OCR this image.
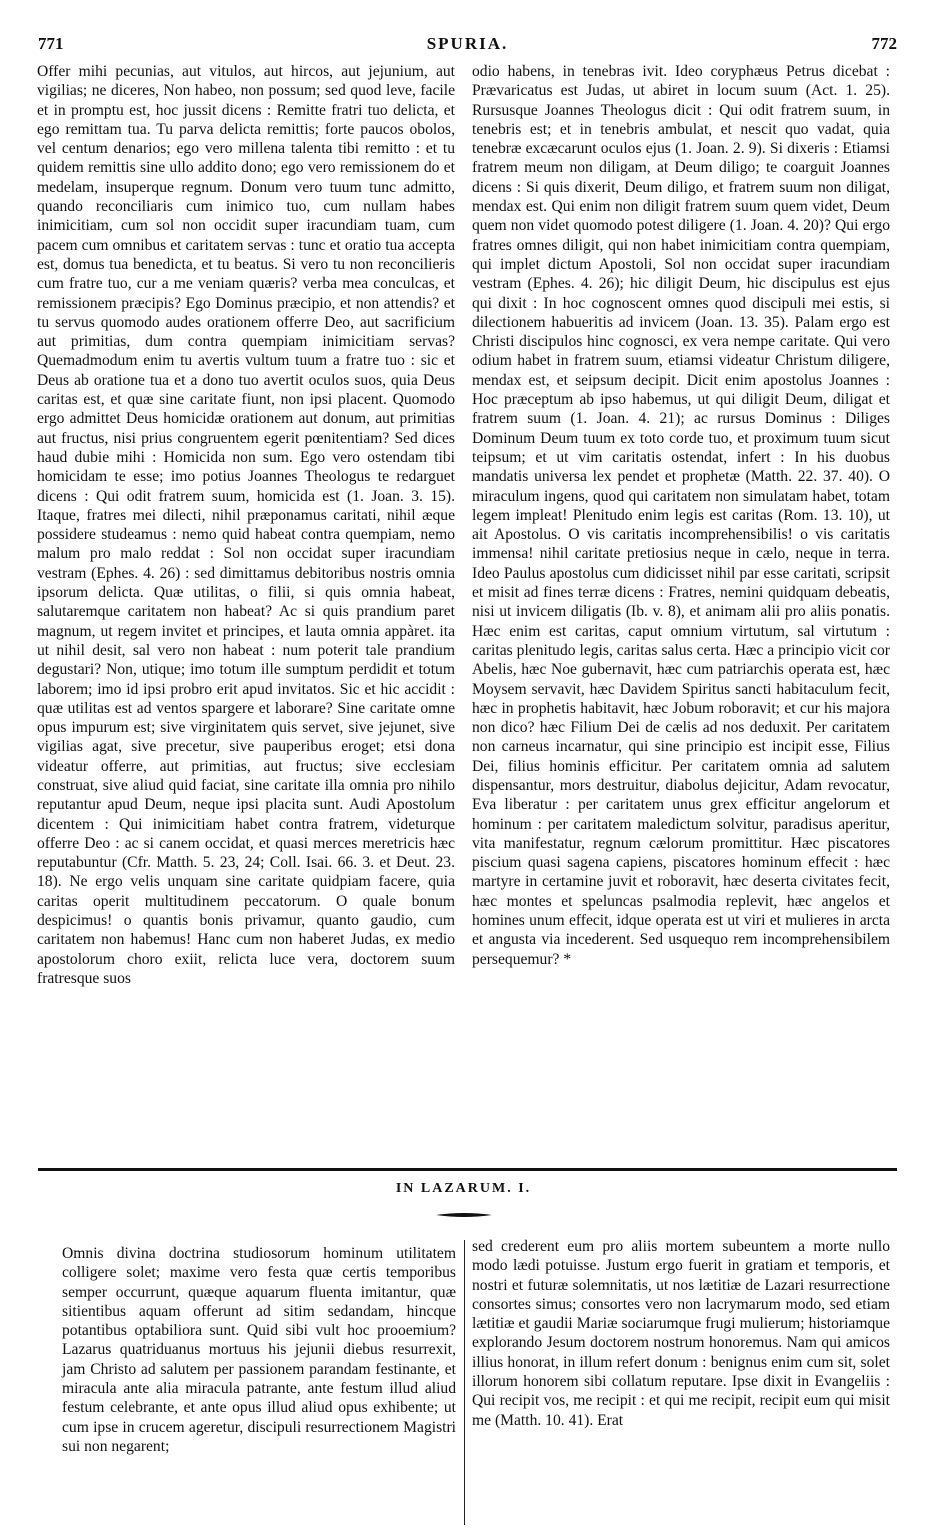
771	SPURIA.	772

Offer mihi pecunias, aut vitulos, aut hircos, aut jejunium, aut vigilias; ne diceres, Non habeo, non possum; sed quod leve, facile et in promptu est, hoc jussit dicens : Remitte fratri tuo delicta, et ego remittam tua. Tu parva delicta remittis; forte paucos obolos, vel centum denarios; ego vero millena talenta tibi remitto : et tu quidem remittis sine ullo addito dono; ego vero remissionem do et medelam, insuperque regnum. Donum vero tuum tunc admitto, quando reconciliaris cum inimico tuo, cum nullam habes inimicitiam, cum sol non occidit super iracundiam tuam, cum pacem cum omnibus et caritatem servas : tunc et oratio tua accepta est, domus tua benedicta, et tu beatus. Si vero tu non reconcilieris cum fratre tuo, cur a me veniam quæris? verba mea conculcas, et remissionem præcipis? Ego Dominus præcipio, et non attendis? et tu servus quomodo audes orationem offerre Deo, aut sacrificium aut primitias, dum contra quempiam inimicitiam servas? Quemadmodum enim tu avertis vultum tuum a fratre tuo : sic et Deus ab oratione tua et a dono tuo avertit oculos suos, quia Deus caritas est, et quæ sine caritate fiunt, non ipsi placent. Quomodo ergo admittet Deus homicidæ orationem aut donum, aut primitias aut fructus, nisi prius congruentem egerit pœnitentiam? Sed dices haud dubie mihi : Homicida non sum. Ego vero ostendam tibi homicidam te esse; imo potius Joannes Theologus te redarguet dicens : Qui odit fratrem suum, homicida est (1. Joan. 3. 15). Itaque, fratres mei dilecti, nihil præponamus caritati, nihil æque possidere studeamus : nemo quid habeat contra quempiam, nemo malum pro malo reddat : Sol non occidat super iracundiam vestram (Ephes. 4. 26) : sed dimittamus debitoribus nostris omnia ipsorum delicta. Quæ utilitas, o filii, si quis omnia habeat, salutaremque caritatem non habeat? Ac si quis prandium paret magnum, ut regem invitet et principes, et lauta omnia appàret. ita ut nihil desit, sal vero non habeat : num poterit tale prandium degustari? Non, utique; imo totum ille sumptum perdidit et totum laborem; imo id ipsi probro erit apud invitatos. Sic et hic accidit : quæ utilitas est ad ventos spargere et laborare? Sine caritate omne opus impurum est; sive virginitatem quis servet, sive jejunet, sive vigilias agat, sive precetur, sive pauperibus eroget; etsi dona videatur offerre, aut primitias, aut fructus; sive ecclesiam construat, sive aliud quid faciat, sine caritate illa omnia pro nihilo reputantur apud Deum, neque ipsi placita sunt. Audi Apostolum dicentem : Qui inimicitiam habet contra fratrem, videturque offerre Deo : ac si canem occidat, et quasi merces meretricis hæc reputabuntur (Cfr. Matth. 5. 23, 24; Coll. Isai. 66. 3. et Deut. 23. 18). Ne ergo velis unquam sine caritate quidpiam facere, quia caritas operit multitudinem peccatorum. O quale bonum despicimus! o quantis bonis privamur, quanto gaudio, cum caritatem non habemus! Hanc cum non haberet Judas, ex medio apostolorum choro exiit, relicta luce vera, doctorem suum fratresque suos

odio habens, in tenebras ivit. Ideo coryphæus Petrus dicebat : Prævaricatus est Judas, ut abiret in locum suum (Act. 1. 25). Rursusque Joannes Theologus dicit : Qui odit fratrem suum, in tenebris est; et in tenebris ambulat, et nescit quo vadat, quia tenebræ excæcarunt oculos ejus (1. Joan. 2. 9). Si dixeris : Etiamsi fratrem meum non diligam, at Deum diligo; te coarguit Joannes dicens : Si quis dixerit, Deum diligo, et fratrem suum non diligat, mendax est. Qui enim non diligit fratrem suum quem videt, Deum quem non videt quomodo potest diligere (1. Joan. 4. 20)? Qui ergo fratres omnes diligit, qui non habet inimicitiam contra quempiam, qui implet dictum Apostoli, Sol non occidat super iracundiam vestram (Ephes. 4. 26); hic diligit Deum, hic discipulus est ejus qui dixit : In hoc cognoscent omnes quod discipuli mei estis, si dilectionem habueritis ad invicem (Joan. 13. 35). Palam ergo est Christi discipulos hinc cognosci, ex vera nempe caritate. Qui vero odium habet in fratrem suum, etiamsi videatur Christum diligere, mendax est, et seipsum decipit. Dicit enim apostolus Joannes : Hoc præceptum ab ipso habemus, ut qui diligit Deum, diligat et fratrem suum (1. Joan. 4. 21); ac rursus Dominus : Diliges Dominum Deum tuum ex toto corde tuo, et proximum tuum sicut teipsum; et ut vim caritatis ostendat, infert : In his duobus mandatis universa lex pendet et prophetæ (Matth. 22. 37. 40). O miraculum ingens, quod qui caritatem non simulatam habet, totam legem impleat! Plenitudo enim legis est caritas (Rom. 13. 10), ut ait Apostolus. O vis caritatis incomprehensibilis! o vis caritatis immensa! nihil caritate pretiosius neque in cælo, neque in terra. Ideo Paulus apostolus cum didicisset nihil par esse caritati, scripsit et misit ad fines terræ dicens : Fratres, nemini quidquam debeatis, nisi ut invicem diligatis (Ib. v. 8), et animam alii pro aliis ponatis. Hæc enim est caritas, caput omnium virtutum, sal virtutum : caritas plenitudo legis, caritas salus certa. Hæc a principio vicit cor Abelis, hæc Noe gubernavit, hæc cum patriarchis operata est, hæc Moysem servavit, hæc Davidem Spiritus sancti habitaculum fecit, hæc in prophetis habitavit, hæc Jobum roboravit; et cur his majora non dico? hæc Filium Dei de cælis ad nos deduxit. Per caritatem non carneus incarnatur, qui sine principio est incipit esse, Filius Dei, filius hominis efficitur. Per caritatem omnia ad salutem dispensantur, mors destruitur, diabolus dejicitur, Adam revocatur, Eva liberatur : per caritatem unus grex efficitur angelorum et hominum : per caritatem maledictum solvitur, paradisus aperitur, vita manifestatur, regnum cælorum promittitur. Hæc piscatores piscium quasi sagena capiens, piscatores hominum effecit : hæc martyre in certamine juvit et roboravit, hæc deserta civitates fecit, hæc montes et speluncas psalmodia replevit, hæc angelos et homines unum effecit, idque operata est ut viri et mulieres in arcta et angusta via incederent. Sed usquequo rem incomprehensibilem persequemur? *

IN LAZARUM. I.

Omnis divina doctrina studiosorum hominum utilitatem colligere solet; maxime vero festa quæ certis temporibus semper occurrunt, quæque aquarum fluenta imitantur, quæ sitientibus aquam offerunt ad sitim sedandam, hincque potantibus optabiliora sunt. Quid sibi vult hoc prooemium? Lazarus quatriduanus mortuus his jejunii diebus resurrexit, jam Christo ad salutem per passionem parandam festinante, et miracula ante alia miracula patrante, ante festum illud aliud festum celebrante, et ante opus illud aliud opus exhibente; ut cum ipse in crucem ageretur, discipuli resurrectionem Magistri sui non negarent;

sed crederent eum pro aliis mortem subeuntem a morte nullo modo lædi potuisse. Justum ergo fuerit in gratiam et temporis, et nostri et futuræ solemnitatis, ut nos lætitiæ de Lazari resurrectione consortes simus; consortes vero non lacrymarum modo, sed etiam lætitiæ et gaudii Mariæ sociarumque frugi mulierum; historiamque explorando Jesum doctorem nostrum honoremus. Nam qui amicos illius honorat, in illum refert donum : benignus enim cum sit, solet illorum honorem sibi collatum reputare. Ipse dixit in Evangeliis : Qui recipit vos, me recipit : et qui me recipit, recipit eum qui misit me (Matth. 10. 41). Erat
